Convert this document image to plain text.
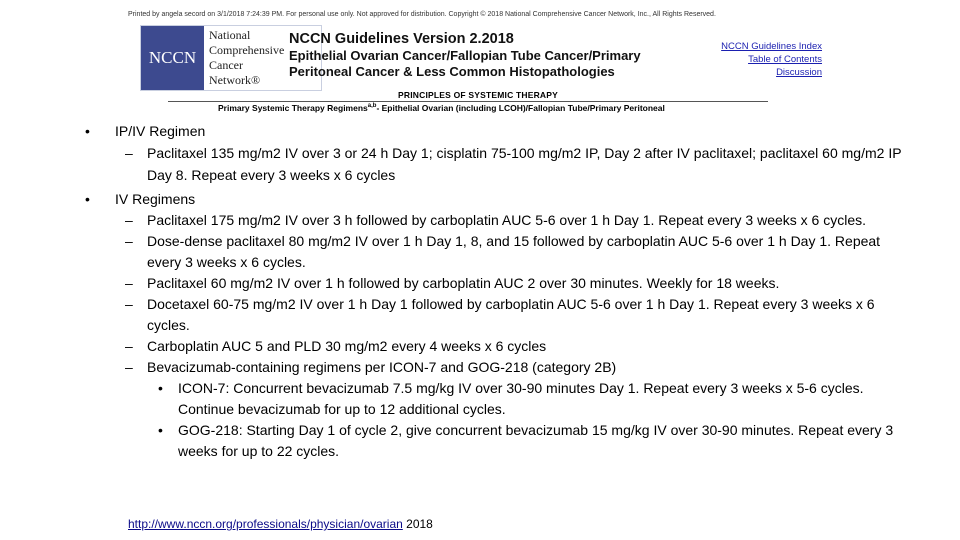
Printed by angela secord on 3/1/2018 7:24:39 PM. For personal use only. Not approved for distribution. Copyright © 2018 National Comprehensive Cancer Network, Inc., All Rights Reserved.
NCCN
National
Comprehensive
Cancer
Network®
NCCN Guidelines Version 2.2018
Epithelial Ovarian Cancer/Fallopian Tube Cancer/Primary
Peritoneal Cancer & Less Common Histopathologies
NCCN Guidelines Index
Table of Contents
Discussion
PRINCIPLES OF SYSTEMIC THERAPY
Primary Systemic Therapy Regimens$^{a,b}$- Epithelial Ovarian (including LCOH)/Fallopian Tube/Primary Peritoneal
• IP/IV Regimen
– Paclitaxel 135 mg/m2 IV over 3 or 24 h Day 1; cisplatin 75-100 mg/m2 IP, Day 2 after IV paclitaxel; paclitaxel 60 mg/m2 IP Day 8. Repeat every 3 weeks x 6 cycles
• IV Regimens
– Paclitaxel 175 mg/m2 IV over 3 h followed by carboplatin AUC 5-6 over 1 h Day 1. Repeat every 3 weeks x 6 cycles.
– Dose-dense paclitaxel 80 mg/m2 IV over 1 h Day 1, 8, and 15 followed by carboplatin AUC 5-6 over 1 h Day 1. Repeat every 3 weeks x 6 cycles.
– Paclitaxel 60 mg/m2 IV over 1 h followed by carboplatin AUC 2 over 30 minutes. Weekly for 18 weeks.
– Docetaxel 60-75 mg/m2 IV over 1 h Day 1 followed by carboplatin AUC 5-6 over 1 h Day 1. Repeat every 3 weeks x 6 cycles.
– Carboplatin AUC 5 and PLD 30 mg/m2 every 4 weeks x 6 cycles
– Bevacizumab-containing regimens per ICON-7 and GOG-218 (category 2B)
• ICON-7: Concurrent bevacizumab 7.5 mg/kg IV over 30-90 minutes Day 1. Repeat every 3 weeks x 5-6 cycles. Continue bevacizumab for up to 12 additional cycles.
• GOG-218: Starting Day 1 of cycle 2, give concurrent bevacizumab 15 mg/kg IV over 30-90 minutes. Repeat every 3 weeks for up to 22 cycles.
http://www.nccn.org/professionals/physician/ovarian 2018
